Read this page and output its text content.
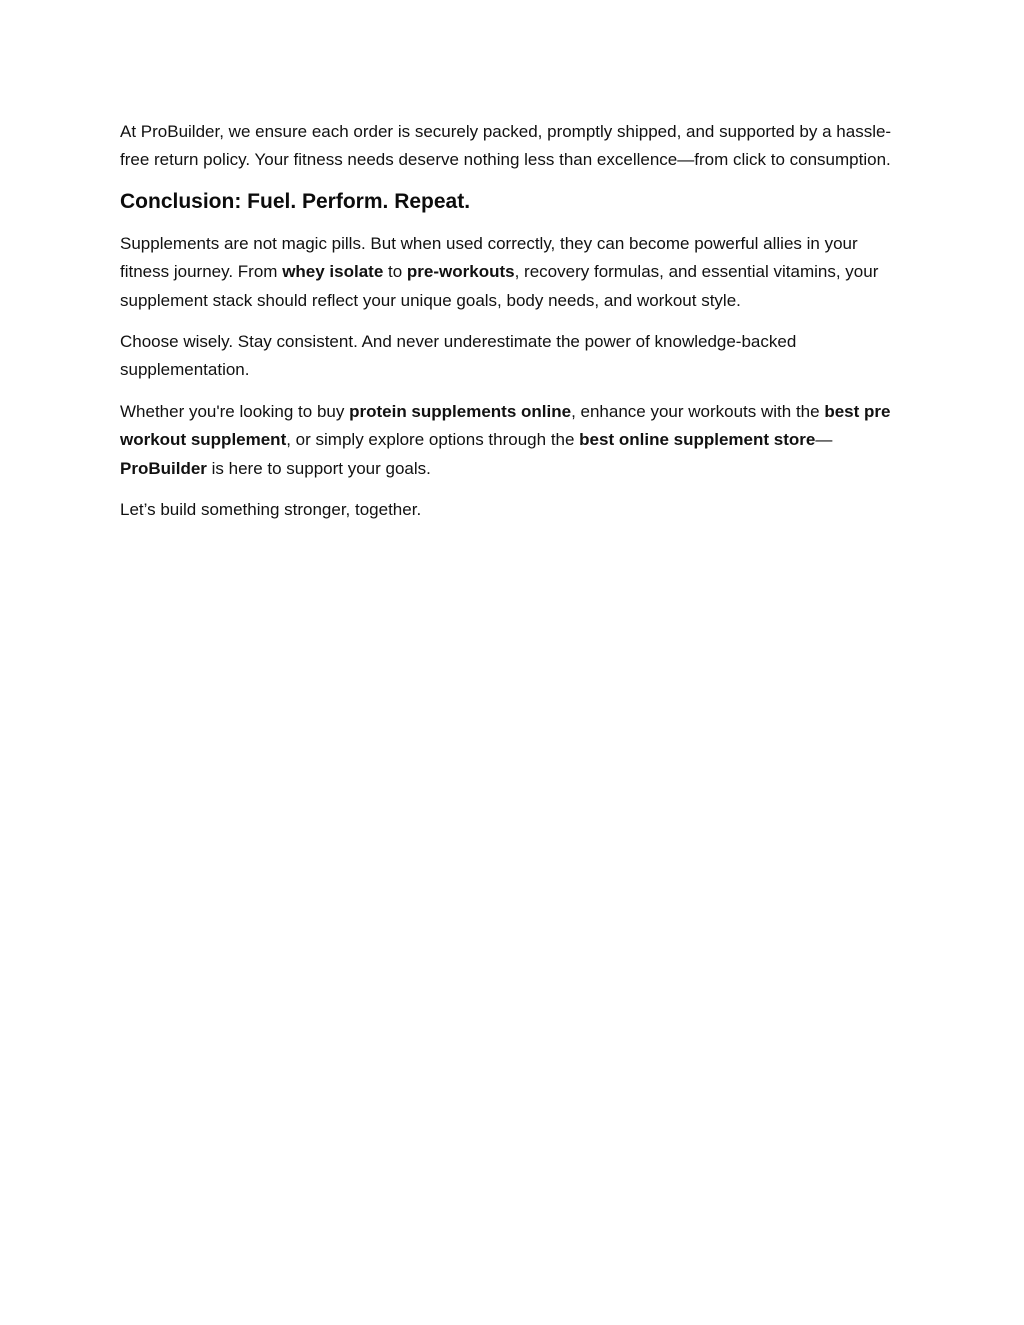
At ProBuilder, we ensure each order is securely packed, promptly shipped, and supported by a hassle-free return policy. Your fitness needs deserve nothing less than excellence—from click to consumption.

Conclusion: Fuel. Perform. Repeat.

Supplements are not magic pills. But when used correctly, they can become powerful allies in your fitness journey. From whey isolate to pre-workouts, recovery formulas, and essential vitamins, your supplement stack should reflect your unique goals, body needs, and workout style.

Choose wisely. Stay consistent. And never underestimate the power of knowledge-backed supplementation.

Whether you're looking to buy protein supplements online, enhance your workouts with the best pre workout supplement, or simply explore options through the best online supplement store—ProBuilder is here to support your goals.

Let’s build something stronger, together.
